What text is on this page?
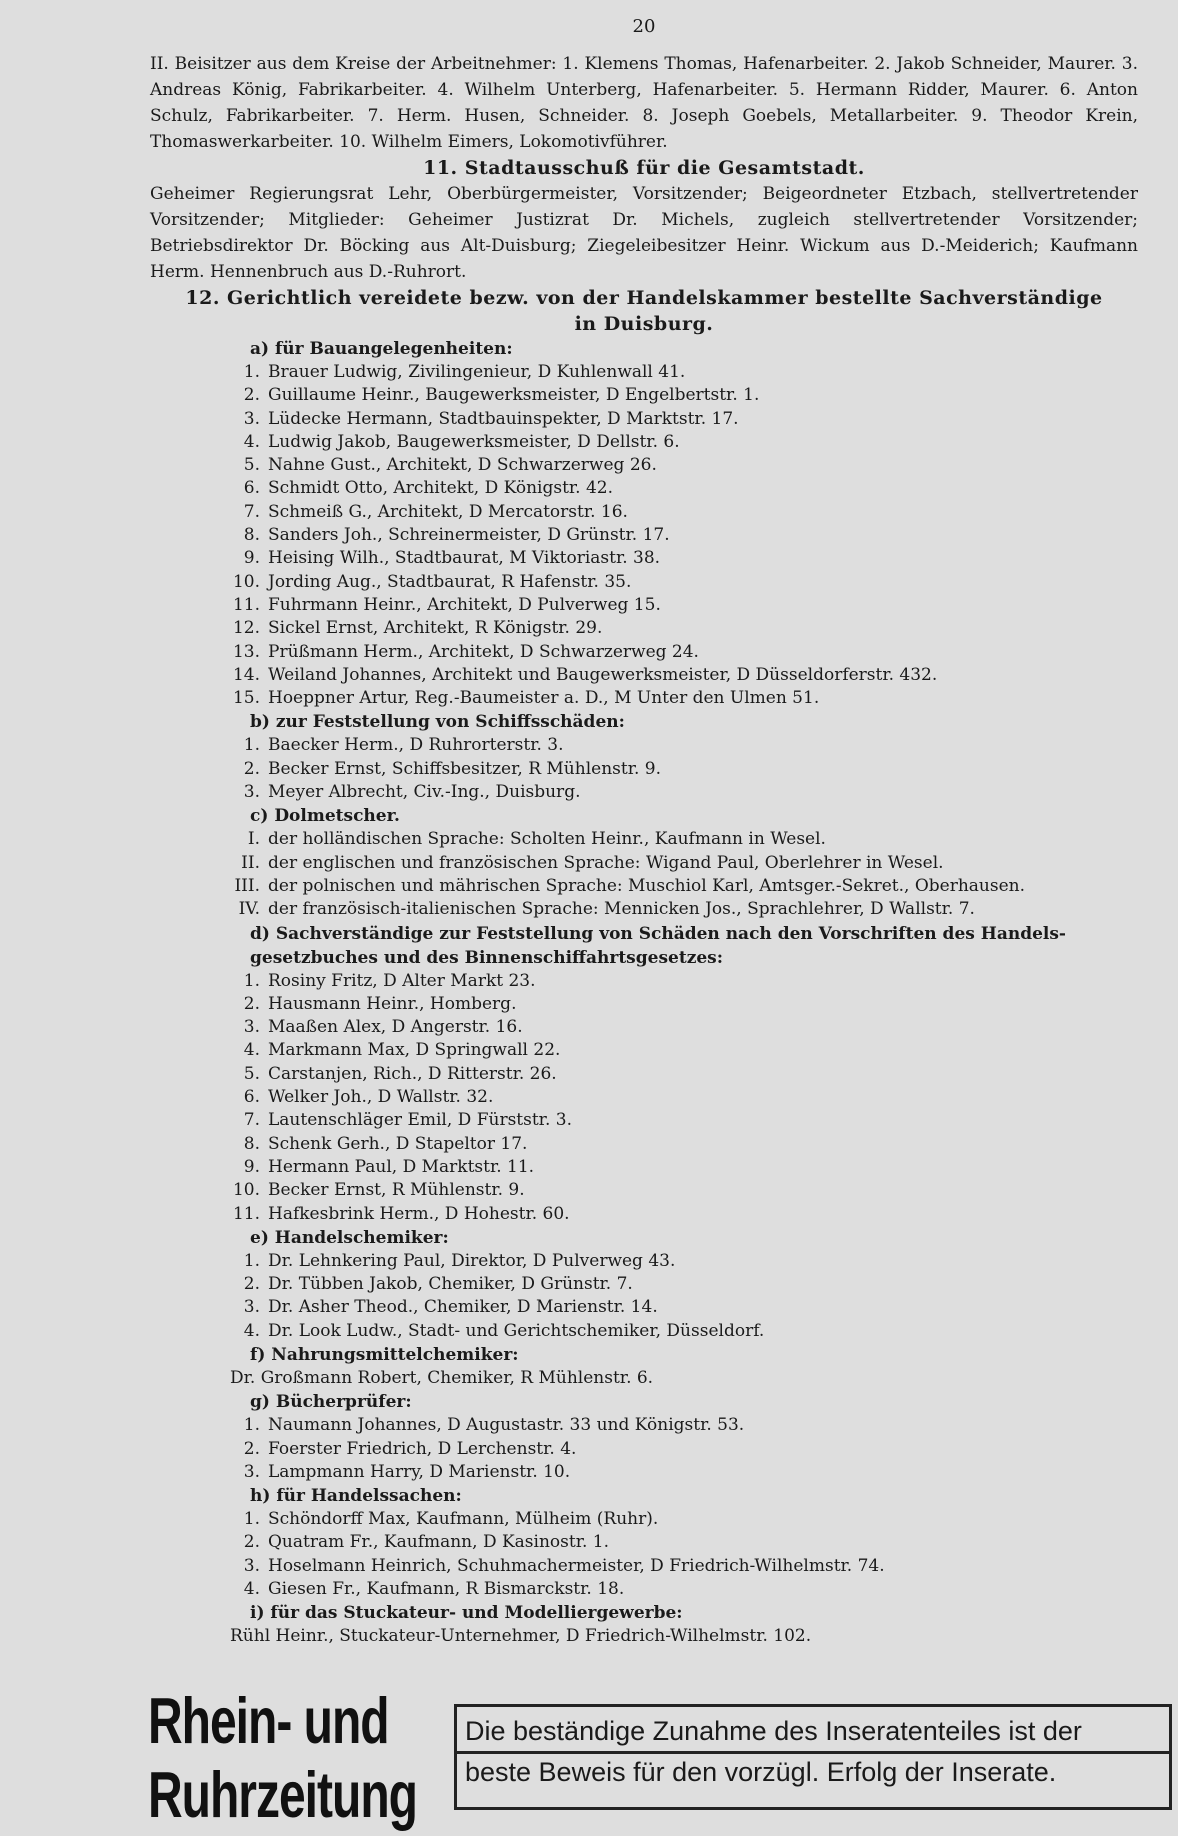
20

II. Beisitzer aus dem Kreise der Arbeitnehmer: 1. Klemens Thomas, Hafenarbeiter. 2. Jakob Schneider, Maurer. 3. Andreas König, Fabrikarbeiter. 4. Wilhelm Unterberg, Hafenarbeiter. 5. Hermann Ridder, Maurer. 6. Anton Schulz, Fabrikarbeiter. 7. Herm. Husen, Schneider. 8. Joseph Goebels, Metallarbeiter. 9. Theodor Krein, Thomaswerkarbeiter. 10. Wilhelm Eimers, Lokomotivführer.

11. Stadtausschuß für die Gesamtstadt.

Geheimer Regierungsrat Lehr, Oberbürgermeister, Vorsitzender; Beigeordneter Etzbach, stellvertretender Vorsitzender; Mitglieder: Geheimer Justizrat Dr. Michels, zugleich stellvertretender Vorsitzender; Betriebsdirektor Dr. Böcking aus Alt-Duisburg; Ziegeleibesitzer Heinr. Wickum aus D.-Meiderich; Kaufmann Herm. Hennenbruch aus D.-Ruhrort.

12. Gerichtlich vereidete bezw. von der Handelskammer bestellte Sachverständige
in Duisburg.
a) für Bauangelegenheiten:
1. Brauer Ludwig, Zivilingenieur, D Kuhlenwall 41.
2. Guillaume Heinr., Baugewerksmeister, D Engelbertstr. 1.
3. Lüdecke Hermann, Stadtbauinspekter, D Marktstr. 17.
4. Ludwig Jakob, Baugewerksmeister, D Dellstr. 6.
5. Nahne Gust., Architekt, D Schwarzerweg 26.
6. Schmidt Otto, Architekt, D Königstr. 42.
7. Schmeiß G., Architekt, D Mercatorstr. 16.
8. Sanders Joh., Schreinermeister, D Grünstr. 17.
9. Heising Wilh., Stadtbaurat, M Viktoriastr. 38.
10. Jording Aug., Stadtbaurat, R Hafenstr. 35.
11. Fuhrmann Heinr., Architekt, D Pulverweg 15.
12. Sickel Ernst, Architekt, R Königstr. 29.
13. Prüßmann Herm., Architekt, D Schwarzerweg 24.
14. Weiland Johannes, Architekt und Baugewerksmeister, D Düsseldorferstr. 432.
15. Hoeppner Artur, Reg.-Baumeister a. D., M Unter den Ulmen 51.
b) zur Feststellung von Schiffsschäden:
1. Baecker Herm., D Ruhrorterstr. 3.
2. Becker Ernst, Schiffsbesitzer, R Mühlenstr. 9.
3. Meyer Albrecht, Civ.-Ing., Duisburg.
c) Dolmetscher.
I. der holländischen Sprache: Scholten Heinr., Kaufmann in Wesel.
II. der englischen und französischen Sprache: Wigand Paul, Oberlehrer in Wesel.
III. der polnischen und mährischen Sprache: Muschiol Karl, Amtsger.-Sekret., Oberhausen.
IV. der französisch-italienischen Sprache: Mennicken Jos., Sprachlehrer, D Wallstr. 7.
d) Sachverständige zur Feststellung von Schäden nach den Vorschriften des Handels-
gesetzbuches und des Binnenschiffahrtsgesetzes:
1. Rosiny Fritz, D Alter Markt 23.
2. Hausmann Heinr., Homberg.
3. Maaßen Alex, D Angerstr. 16.
4. Markmann Max, D Springwall 22.
5. Carstanjen, Rich., D Ritterstr. 26.
6. Welker Joh., D Wallstr. 32.
7. Lautenschläger Emil, D Fürststr. 3.
8. Schenk Gerh., D Stapeltor 17.
9. Hermann Paul, D Marktstr. 11.
10. Becker Ernst, R Mühlenstr. 9.
11. Hafkesbrink Herm., D Hohestr. 60.
e) Handelschemiker:
1. Dr. Lehnkering Paul, Direktor, D Pulverweg 43.
2. Dr. Tübben Jakob, Chemiker, D Grünstr. 7.
3. Dr. Asher Theod., Chemiker, D Marienstr. 14.
4. Dr. Look Ludw., Stadt- und Gerichtschemiker, Düsseldorf.
f) Nahrungsmittelchemiker:
Dr. Großmann Robert, Chemiker, R Mühlenstr. 6.
g) Bücherprüfer:
1. Naumann Johannes, D Augustastr. 33 und Königstr. 53.
2. Foerster Friedrich, D Lerchenstr. 4.
3. Lampmann Harry, D Marienstr. 10.
h) für Handelssachen:
1. Schöndorff Max, Kaufmann, Mülheim (Ruhr).
2. Quatram Fr., Kaufmann, D Kasinostr. 1.
3. Hoselmann Heinrich, Schuhmachermeister, D Friedrich-Wilhelmstr. 74.
4. Giesen Fr., Kaufmann, R Bismarckstr. 18.
i) für das Stuckateur- und Modelliergewerbe:
Rühl Heinr., Stuckateur-Unternehmer, D Friedrich-Wilhelmstr. 102.
Rhein- und Ruhrzeitung
Die beständige Zunahme des Inseratenteiles ist der
beste Beweis für den vorzügl. Erfolg der Inserate.
